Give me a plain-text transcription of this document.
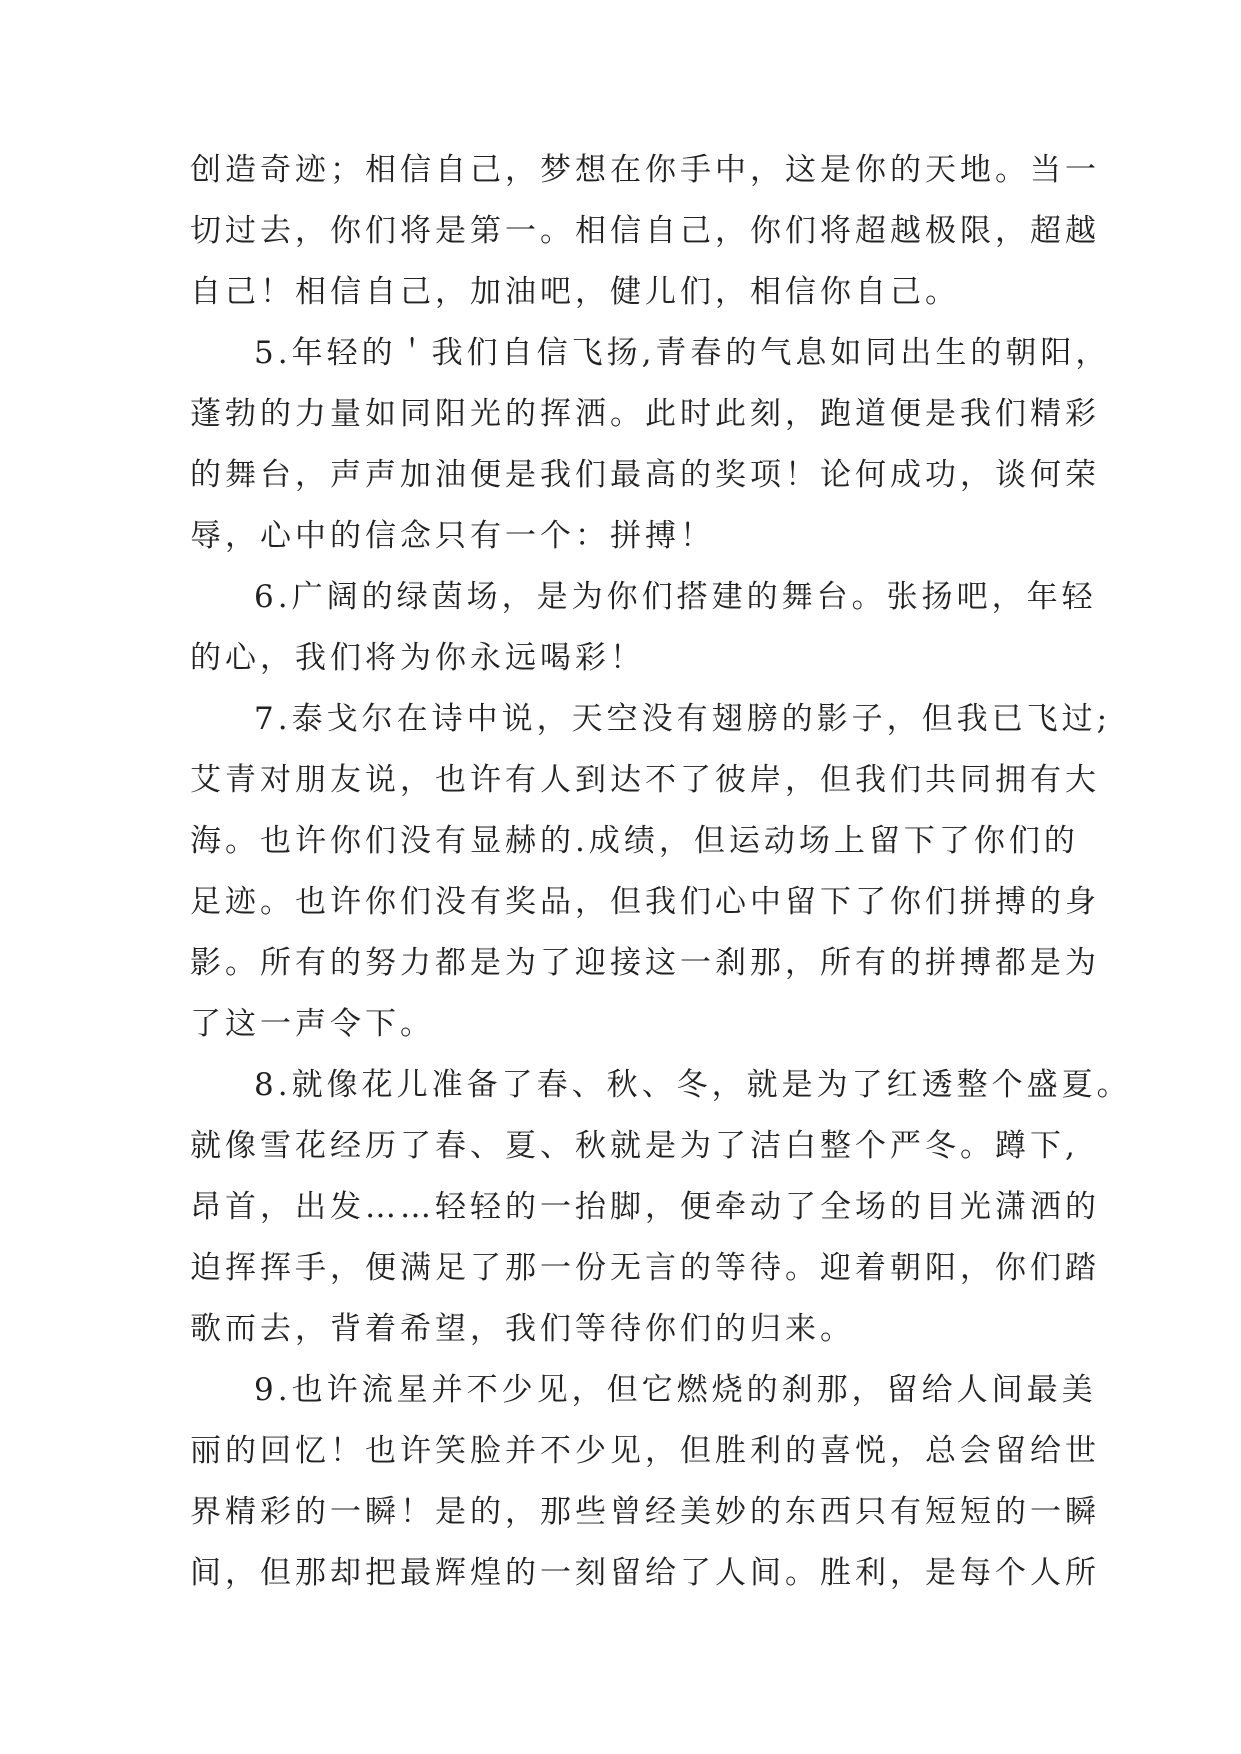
创造奇迹；相信自己，梦想在你手中，这是你的天地。当一
切过去，你们将是第一。相信自己，你们将超越极限，超越
自己！相信自己，加油吧，健儿们，相信你自己。
5.年轻的＇我们自信飞扬,青春的气息如同出生的朝阳，
蓬勃的力量如同阳光的挥洒。此时此刻，跑道便是我们精彩
的舞台，声声加油便是我们最高的奖项！论何成功，谈何荣
辱，心中的信念只有一个：拼搏！
6.广阔的绿茵场，是为你们搭建的舞台。张扬吧，年轻
的心，我们将为你永远喝彩！
7.泰戈尔在诗中说，天空没有翅膀的影子，但我已飞过;
艾青对朋友说，也许有人到达不了彼岸，但我们共同拥有大
海。也许你们没有显赫的.成绩，但运动场上留下了你们的
足迹。也许你们没有奖品，但我们心中留下了你们拼搏的身
影。所有的努力都是为了迎接这一刹那，所有的拼搏都是为
了这一声令下。
8.就像花儿准备了春、秋、冬，就是为了红透整个盛夏。
就像雪花经历了春、夏、秋就是为了洁白整个严冬。蹲下,
昂首，出发……轻轻的一抬脚，便牵动了全场的目光潇洒的
迫挥挥手，便满足了那一份无言的等待。迎着朝阳，你们踏
歌而去，背着希望，我们等待你们的归来。
9.也许流星并不少见，但它燃烧的刹那，留给人间最美
丽的回忆！也许笑脸并不少见，但胜利的喜悦，总会留给世
界精彩的一瞬！是的，那些曾经美妙的东西只有短短的一瞬
间，但那却把最辉煌的一刻留给了人间。胜利，是每个人所
